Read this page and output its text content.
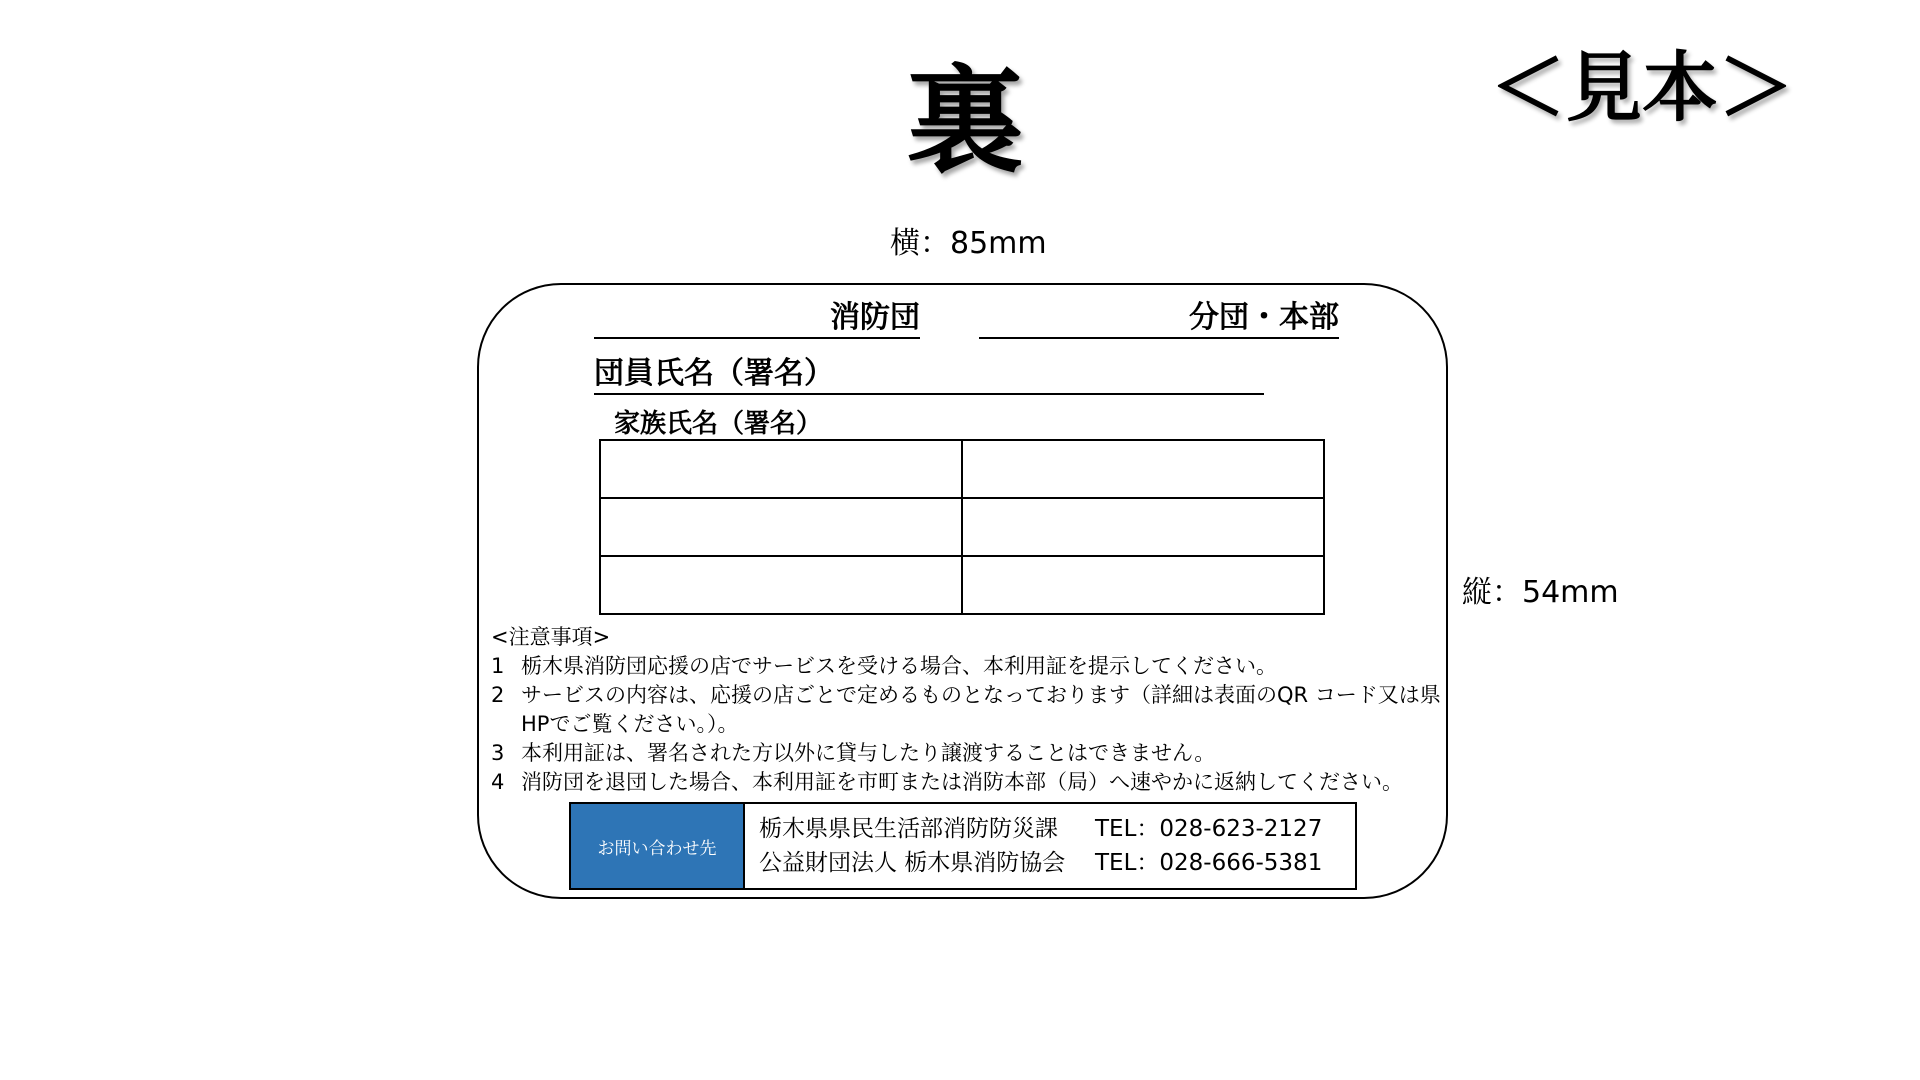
裏	＜見本＞
横：85mm
消防団	分団・本部
団員氏名（署名）
家族氏名（署名）

<注意事項>
1 栃木県消防団応援の店でサービスを受ける場合、本利用証を提示してください。
2 サービスの内容は、応援の店ごとで定めるものとなっております（詳細は表面のQR コード又は県HPでご覧ください。）。
3 本利用証は、署名された方以外に貸与したり譲渡することはできません。
4 消防団を退団した場合、本利用証を市町または消防本部（局）へ速やかに返納してください。
お問い合わせ先
栃木県県民生活部消防防災課	TEL：028-623-2127
公益財団法人 栃木県消防協会	TEL：028-666-5381
縦：54mm
